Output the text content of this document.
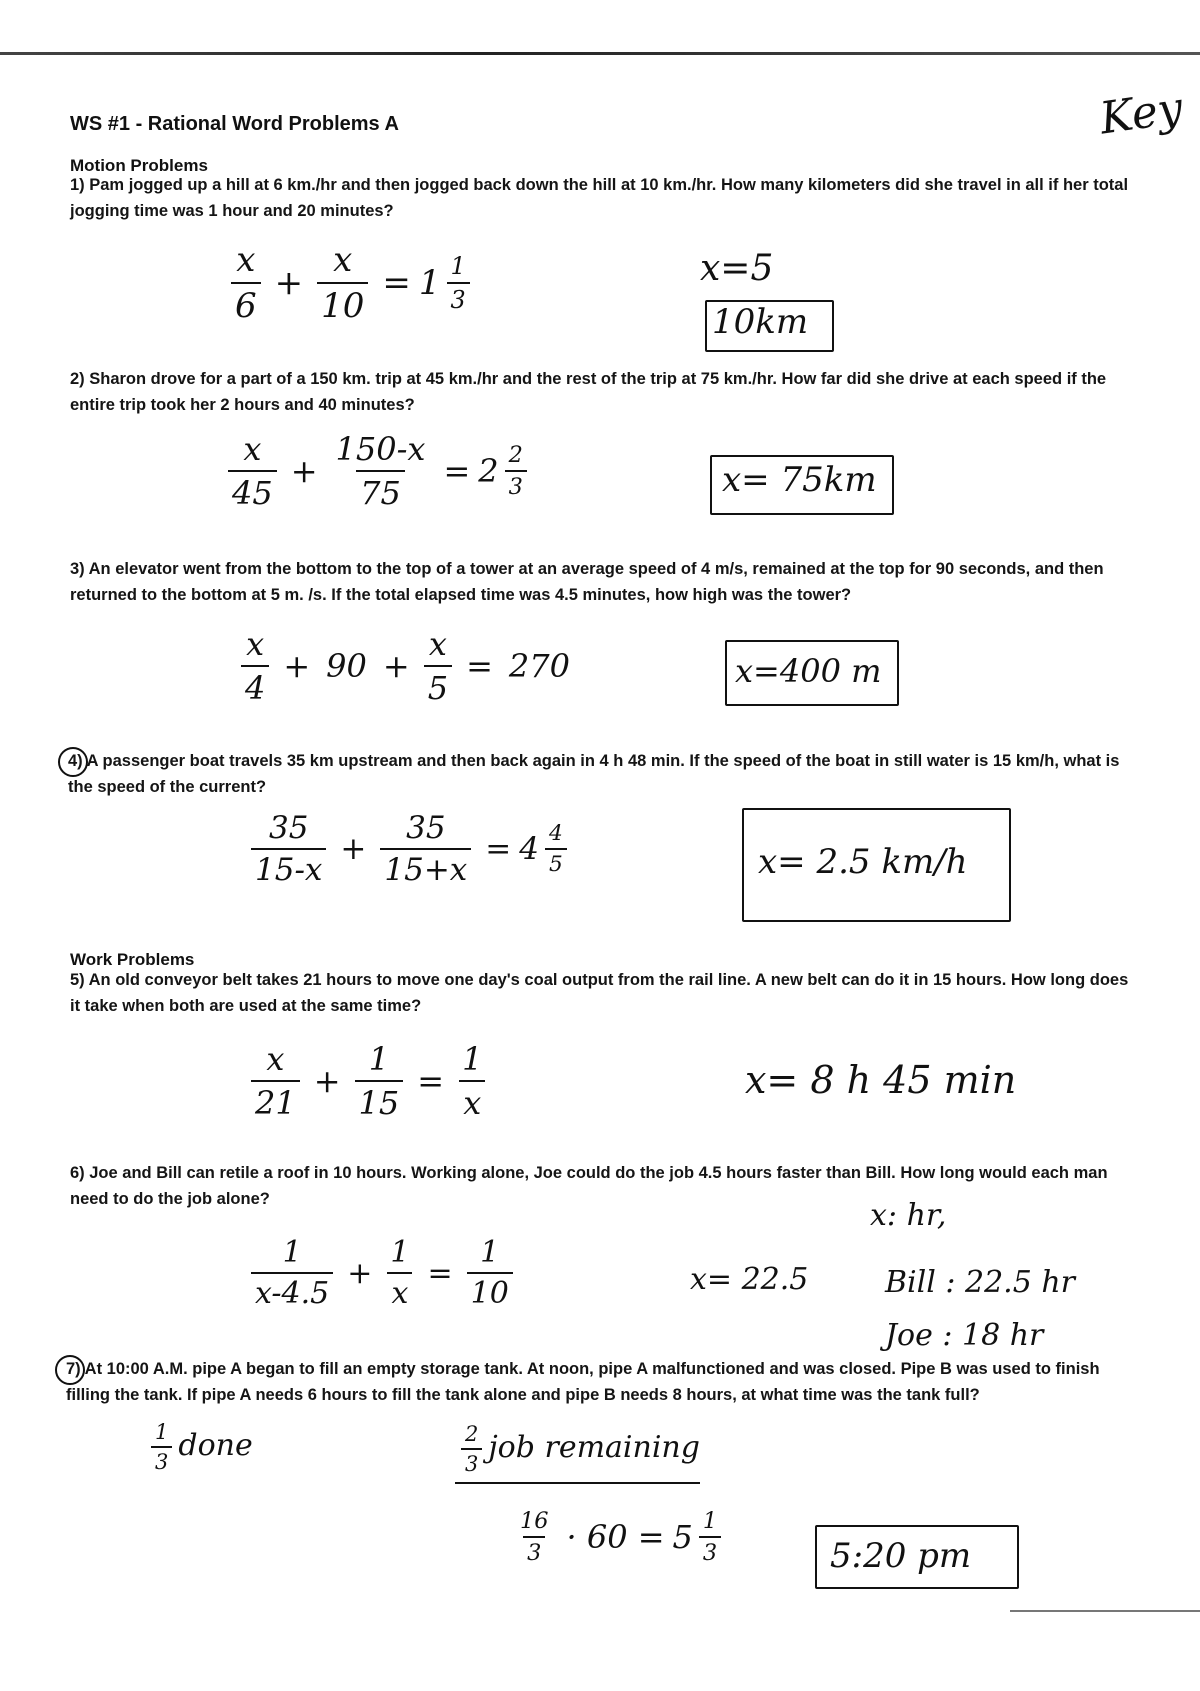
WS #1 - Rational Word Problems A	Key
Motion Problems
1) Pam jogged up a hill at 6 km./hr and then jogged back down the hill at 10 km./hr. How many kilometers did she travel in all if her total jogging time was 1 hour and 20 minutes?
$\frac{x}{6} + \frac{x}{10} = 1 \frac{1}{3}$	x=5
10km
2) Sharon drove for a part of a 150 km. trip at 45 km./hr and the rest of the trip at 75 km./hr. How far did she drive at each speed if the entire trip took her 2 hours and 40 minutes?
$\frac{x}{45} + \frac{150-x}{75} = 2 \frac{2}{3}$	x= 75km
3) An elevator went from the bottom to the top of a tower at an average speed of 4 m/s, remained at the top for 90 seconds, and then returned to the bottom at 5 m. /s. If the total elapsed time was 4.5 minutes, how high was the tower?
$\frac{x}{4} + 90 + \frac{x}{5} = 270$	x=400 m
4) A passenger boat travels 35 km upstream and then back again in 4 h 48 min. If the speed of the boat in still water is 15 km/h, what is the speed of the current?
$\frac{35}{15-x} + \frac{35}{15+x} = 4 \frac{4}{5}$	x= 2.5 km/h
Work Problems
5) An old conveyor belt takes 21 hours to move one day's coal output from the rail line. A new belt can do it in 15 hours. How long does it take when both are used at the same time?
$\frac{x}{21} + \frac{1}{15} = \frac{1}{x}$	x= 8 h 45 min
6) Joe and Bill can retile a roof in 10 hours. Working alone, Joe could do the job 4.5 hours faster than Bill. How long would each man need to do the job alone?	x: hr,
$\frac{1}{x-4.5} + \frac{1}{x} = \frac{1}{10}$	x= 22.5	Bill : 22.5 hr
Joe : 18 hr
7) At 10:00 A.M. pipe A began to fill an empty storage tank. At noon, pipe A malfunctioned and was closed. Pipe B was used to finish filling the tank. If pipe A needs 6 hours to fill the tank alone and pipe B needs 8 hours, at what time was the tank full?
$\frac{1}{3}$ done	$\frac{2}{3}$ job remaining
$\frac{16}{3} \cdot 60 = 5 \frac{1}{3}$	5:20 pm
